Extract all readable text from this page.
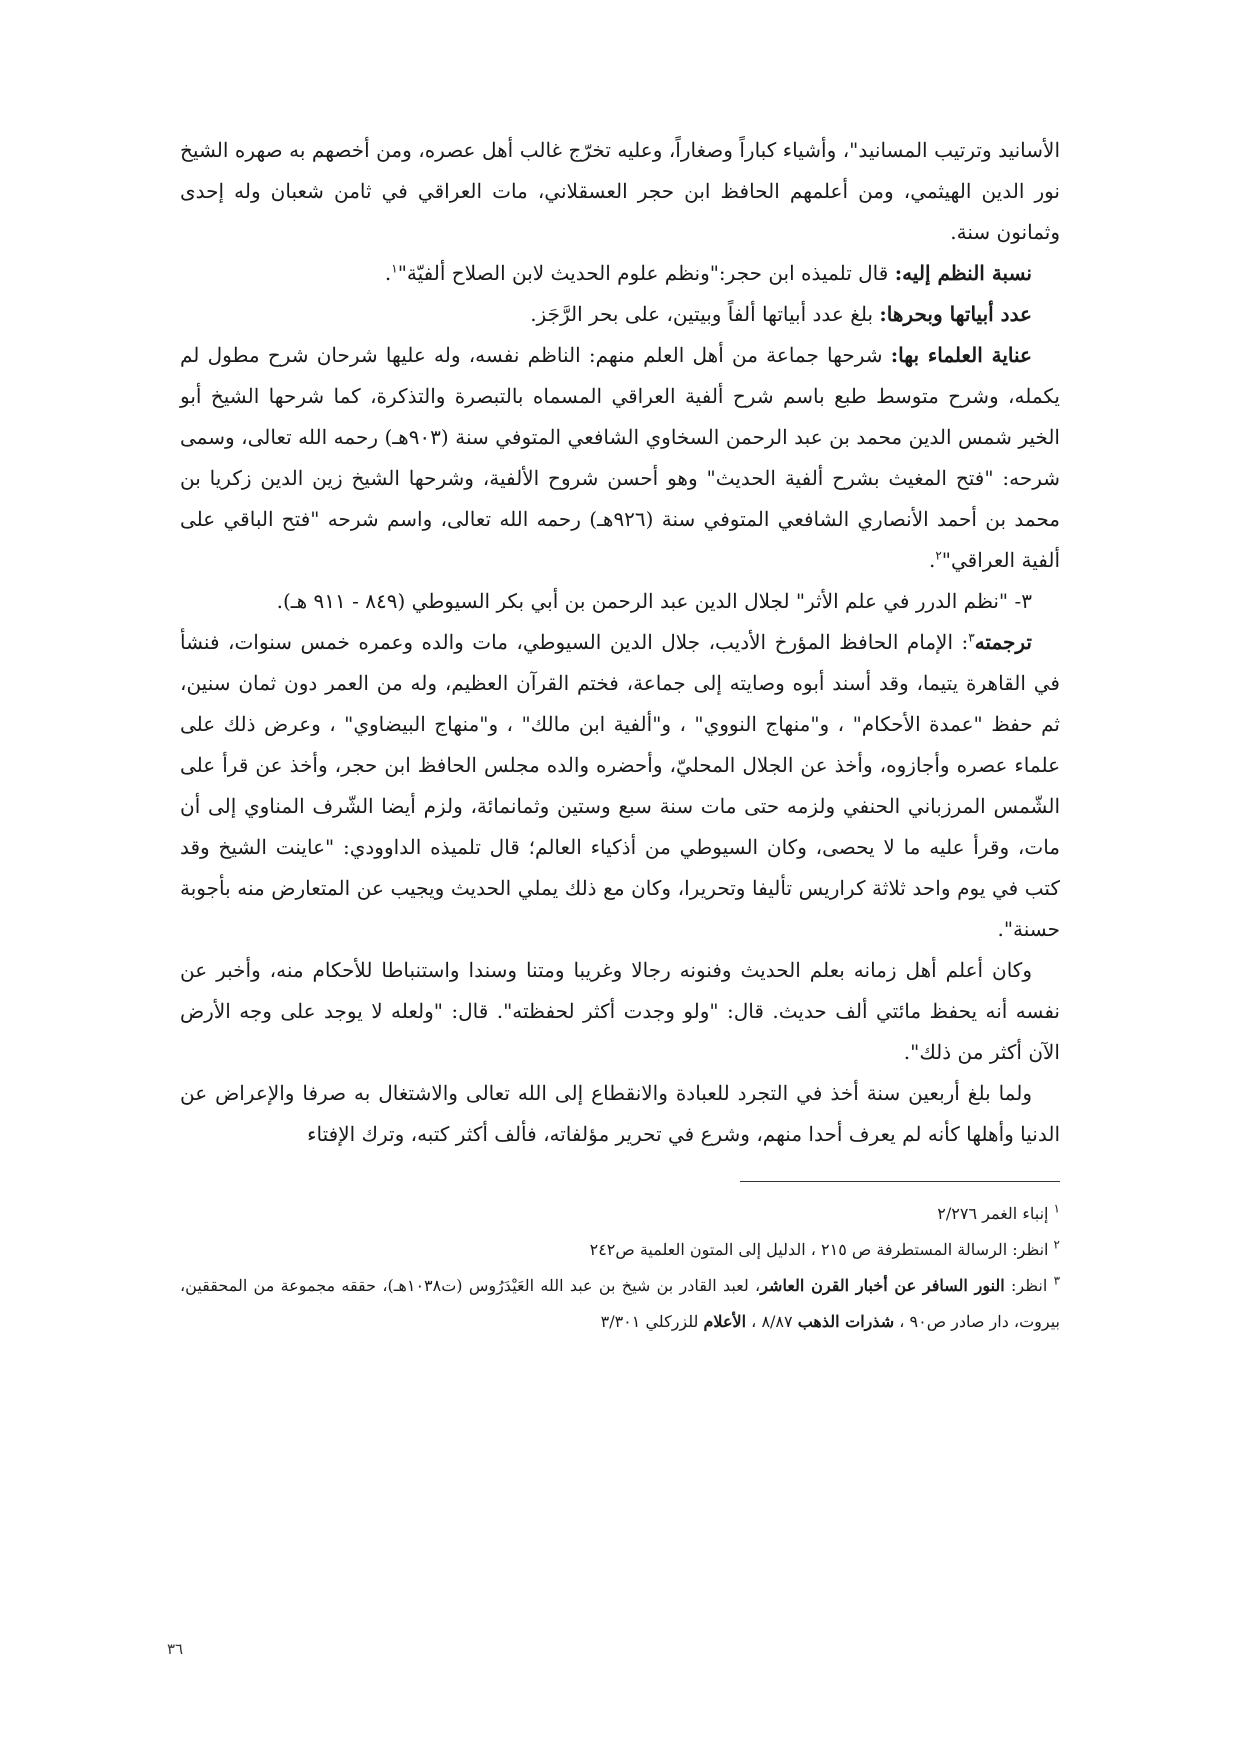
الأسانيد وترتيب المسانيد"، وأشياء كباراً وصغاراً، وعليه تخرّج غالب أهل عصره، ومن أخصهم به صهره الشيخ نور الدين الهيثمي، ومن أعلمهم الحافظ ابن حجر العسقلاني، مات العراقي في ثامن شعبان وله إحدى وثمانون سنة.

نسبة النظم إليه: قال تلميذه ابن حجر:"ونظم علوم الحديث لابن الصلاح ألفيّة"$^١$.

عدد أبياتها وبحرها: بلغ عدد أبياتها ألفاً وبيتين، على بحر الرَّجَز.

عناية العلماء بها: شرحها جماعة من أهل العلم منهم: الناظم نفسه، وله عليها شرحان شرح مطول لم يكمله، وشرح متوسط طبع باسم شرح ألفية العراقي المسماه بالتبصرة والتذكرة، كما شرحها الشيخ أبو الخير شمس الدين محمد بن عبد الرحمن السخاوي الشافعي المتوفي سنة (٩٠٣هـ) رحمه الله تعالى، وسمى شرحه: "فتح المغيث بشرح ألفية الحديث" وهو أحسن شروح الألفية، وشرحها الشيخ زين الدين زكريا بن محمد بن أحمد الأنصاري الشافعي المتوفي سنة (٩٢٦هـ) رحمه الله تعالى، واسم شرحه "فتح الباقي على ألفية العراقي"$^٢$.

٣- "نظم الدرر في علم الأثر" لجلال الدين عبد الرحمن بن أبي بكر السيوطي (٨٤٩ - ٩١١ هـ).

ترجمته$^٣$: الإمام الحافظ المؤرخ الأديب، جلال الدين السيوطي، مات والده وعمره خمس سنوات، فنشأ في القاهرة يتيما، وقد أسند أبوه وصايته إلى جماعة، فختم القرآن العظيم، وله من العمر دون ثمان سنين، ثم حفظ "عمدة الأحكام" ، و"منهاج النووي" ، و"ألفية ابن مالك" ، و"منهاج البيضاوي" ، وعرض ذلك على علماء عصره وأجازوه، وأخذ عن الجلال المحليّ، وأحضره والده مجلس الحافظ ابن حجر، وأخذ عن قرأ على الشّمس المرزباني الحنفي ولزمه حتى مات سنة سبع وستين وثمانمائة، ولزم أيضا الشّرف المناوي إلى أن مات، وقرأ عليه ما لا يحصى، وكان السيوطي من أذكياء العالم؛ قال تلميذه الداوودي: "عاينت الشيخ وقد كتب في يوم واحد ثلاثة كراريس تأليفا وتحريرا، وكان مع ذلك يملي الحديث ويجيب عن المتعارض منه بأجوبة حسنة".

وكان أعلم أهل زمانه بعلم الحديث وفنونه رجالا وغريبا ومتنا وسندا واستنباطا للأحكام منه، وأخبر عن نفسه أنه يحفظ مائتي ألف حديث. قال: "ولو وجدت أكثر لحفظته". قال: "ولعله لا يوجد على وجه الأرض الآن أكثر من ذلك".

ولما بلغ أربعين سنة أخذ في التجرد للعبادة والانقطاع إلى الله تعالى والاشتغال به صرفا والإعراض عن الدنيا وأهلها كأنه لم يعرف أحدا منهم، وشرع في تحرير مؤلفاته، فألف أكثر كتبه، وترك الإفتاء

$^١$ إنباء الغمر ٢/٢٧٦

$^٢$ انظر: الرسالة المستطرفة ص ٢١٥ ، الدليل إلى المتون العلمية ص٢٤٢

$^٣$ انظر: النور السافر عن أخبار القرن العاشر، لعبد القادر بن شيخ بن عبد الله العَيْدَرُوس (ت١٠٣٨هـ)، حققه مجموعة من المحققين، بيروت، دار صادر ص٩٠ ، شذرات الذهب ٨/٨٧ ، الأعلام للزركلي ٣/٣٠١

٣٦
